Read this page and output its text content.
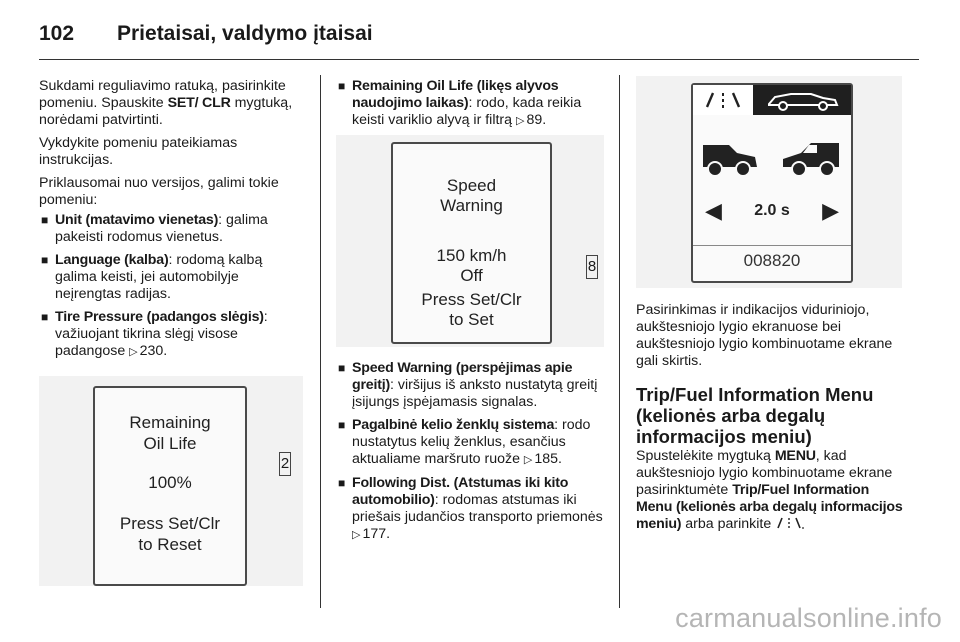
102 Prietaisai, valdymo įtaisai

Sukdami reguliavimo ratuką, pasirinkite pomeniu. Spauskite SET/ CLR mygtuką, norėdami patvirtinti.

Vykdykite pomeniu pateikiamas instrukcijas.

Priklausomai nuo versijos, galimi tokie pomeniu:

■ Unit (matavimo vienetas): galima pakeisti rodomus vienetus.
■ Language (kalba): rodomą kalbą galima keisti, jei automobilyje neįrengtas radijas.
■ Tire Pressure (padangos slėgis): važiuojant tikrina slėgį visose padangose ▷ 230.
Remaining
Oil Life
100%
Press Set/Clr
to Reset
2
■ Remaining Oil Life (likęs alyvos naudojimo laikas): rodo, kada reikia keisti variklio alyvą ir filtrą ▷ 89.
Speed
Warning
150 km/h
Off
Press Set/Clr
to Set
8
■ Speed Warning (perspėjimas apie greitį): viršijus iš anksto nustatytą greitį įsijungs įspėjamasis signalas.
■ Pagalbinė kelio ženklų sistema: rodo nustatytus kelių ženklus, esančius aktualiame maršruto ruože ▷ 185.
■ Following Dist. (Atstumas iki kito automobilio): rodomas atstumas iki priešais judančios transporto priemonės ▷ 177.
◀	2.0 s	▶
008820

Pasirinkimas ir indikacijos viduriniojo, aukštesniojo lygio ekranuose bei aukštesniojo lygio kombinuotame ekrane gali skirtis.

Trip/Fuel Information Menu (kelionės arba degalų informacijos meniu)

Spustelėkite mygtuką MENU, kad aukštesniojo lygio kombinuotame ekrane pasirinktumėte Trip/Fuel Information Menu (kelionės arba degalų informacijos meniu) arba parinkite

carmanualsonline.info
